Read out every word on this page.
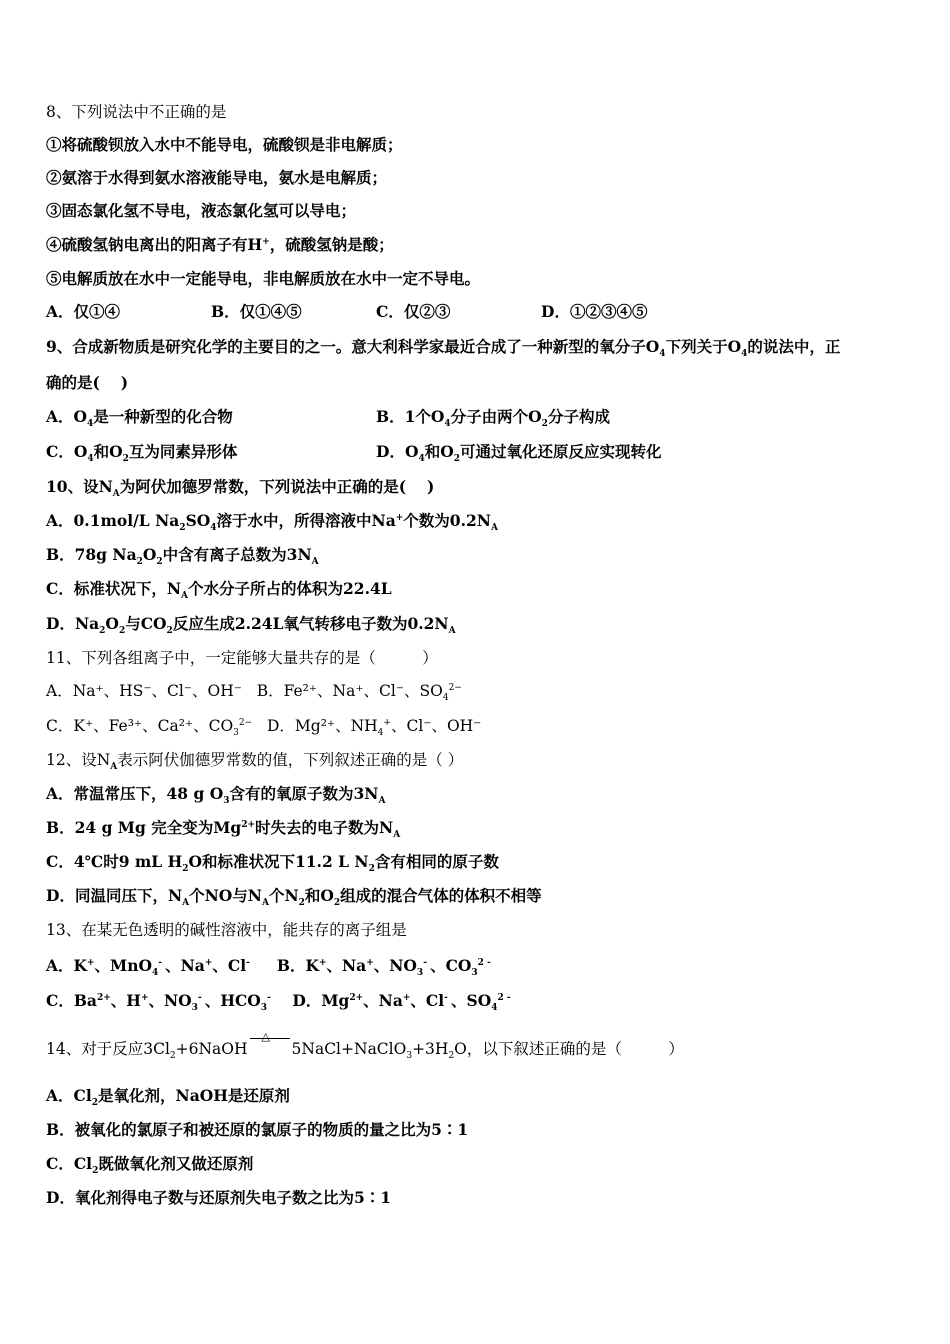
8、下列说法中不正确的是
①将硫酸钡放入水中不能导电，硫酸钡是非电解质；
②氨溶于水得到氨水溶液能导电，氨水是电解质；
③固态氯化氢不导电，液态氯化氢可以导电；
④硫酸氢钠电离出的阳离子有H+，硫酸氢钠是酸；
⑤电解质放在水中一定能导电，非电解质放在水中一定不导电。
A．仅①④	B．仅①④⑤	C．仅②③	D．①②③④⑤
9、合成新物质是研究化学的主要目的之一。意大利科学家最近合成了一种新型的氧分子$O_4$下列关于$O_4$的说法中，正
确的是(　 )
A．$O_4$是一种新型的化合物	B．1个$O_4$分子由两个$O_2$分子构成
C．$O_4$和$O_2$互为同素异形体	D．$O_4$和$O_2$可通过氧化还原反应实现转化
10、设$N_A$为阿伏加德罗常数，下列说法中正确的是(　 )
A．0.1mol/L $Na_2SO_4$溶于水中，所得溶液中Na+个数为$0.2N_A$
B．78g $Na_2O_2$中含有离子总数为$3N_A$
C．标准状况下，$N_A$个水分子所占的体积为22.4L
D．$Na_2O_2$与$CO_2$反应生成2.24L氧气转移电子数为$0.2N_A$
11、下列各组离子中，一定能够大量共存的是（　　　）
A．Na⁺、HS⁻、Cl⁻、OH⁻ B．Fe²⁺、Na⁺、Cl⁻、$SO_4^{2-}$
C．K⁺、Fe³⁺、Ca²⁺、$CO_3^{2-}$ D．Mg²⁺、$NH_4^+$、Cl⁻、OH⁻
12、设$N_A$表示阿伏伽德罗常数的值，下列叙述正确的是（ ）
A．常温常压下，48 g $O_3$含有的氧原子数为$3N_A$
B．24 g Mg 完全变为$Mg^{2+}$时失去的电子数为$N_A$
C．4℃时9 mL $H_2O$和标准状况下11.2 L $N_2$含有相同的原子数
D．同温同压下，$N_A$个NO与$N_A$个$N_2$和$O_2$组成的混合气体的体积不相等
13、在某无色透明的碱性溶液中，能共存的离子组是
A．K+、MnO$_4$- 、Na+、Cl- B．K+、Na+、$NO_3^-$ 、$CO_3^{2 -}$
C．$Ba^{2+}$、H+、$NO_3^-$ 、$HCO_3^-$ D．$Mg^{2+}$、Na+、Cl- 、$SO_4^{2 -}$
14、对于反应$3Cl_2+6NaOH$
△
$5NaCl+NaClO_3+3H_2O$，以下叙述正确的是（　　　）
A．$Cl_2$是氧化剂，NaOH是还原剂
B．被氧化的氯原子和被还原的氯原子的物质的量之比为5∶1
C．$Cl_2$既做氧化剂又做还原剂
D．氧化剂得电子数与还原剂失电子数之比为5∶1
